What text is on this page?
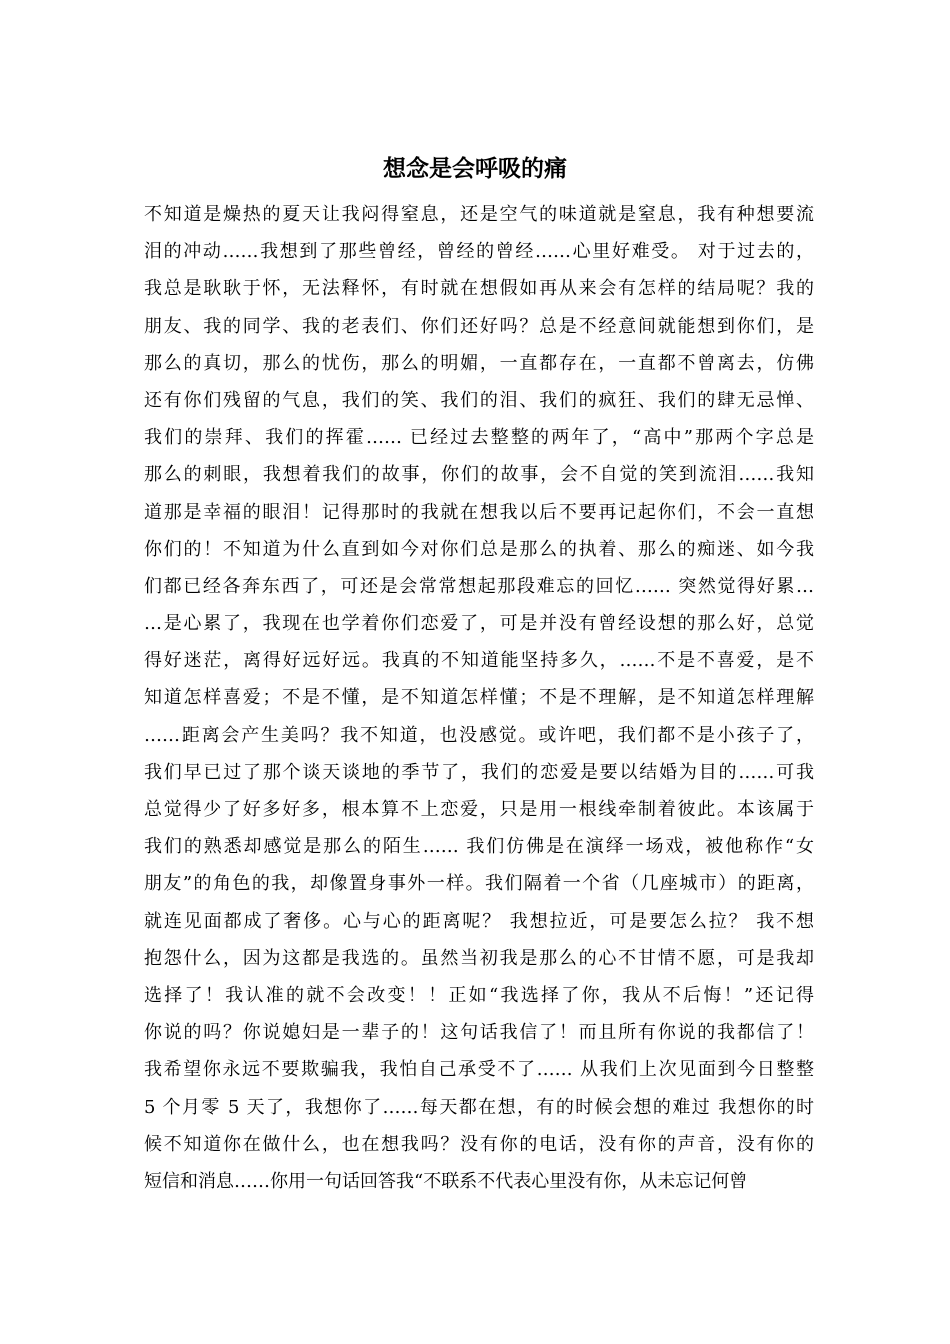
想念是会呼吸的痛
不知道是燥热的夏天让我闷得窒息，还是空气的味道就是窒息，我有种想要流
泪的冲动……我想到了那些曾经，曾经的曾经……心里好难受。 对于过去的，
我总是耿耿于怀，无法释怀，有时就在想假如再从来会有怎样的结局呢？我的
朋友、我的同学、我的老表们、你们还好吗？总是不经意间就能想到你们，是
那么的真切，那么的忧伤，那么的明媚，一直都存在，一直都不曾离去，仿佛
还有你们残留的气息，我们的笑、我们的泪、我们的疯狂、我们的肆无忌惮、
我们的崇拜、我们的挥霍…… 已经过去整整的两年了，“高中”那两个字总是
那么的刺眼，我想着我们的故事，你们的故事，会不自觉的笑到流泪……我知
道那是幸福的眼泪！记得那时的我就在想我以后不要再记起你们，不会一直想
你们的！不知道为什么直到如今对你们总是那么的执着、那么的痴迷、如今我
们都已经各奔东西了，可还是会常常想起那段难忘的回忆…… 突然觉得好累…
…是心累了，我现在也学着你们恋爱了，可是并没有曾经设想的那么好，总觉
得好迷茫，离得好远好远。我真的不知道能坚持多久，……不是不喜爱，是不
知道怎样喜爱；不是不懂，是不知道怎样懂；不是不理解，是不知道怎样理解
……距离会产生美吗？我不知道，也没感觉。或许吧，我们都不是小孩子了，
我们早已过了那个谈天谈地的季节了，我们的恋爱是要以结婚为目的……可我
总觉得少了好多好多，根本算不上恋爱，只是用一根线牵制着彼此。本该属于
我们的熟悉却感觉是那么的陌生…… 我们仿佛是在演绎一场戏，被他称作“女
朋友”的角色的我，却像置身事外一样。我们隔着一个省（几座城市）的距离，
就连见面都成了奢侈。心与心的距离呢？ 我想拉近，可是要怎么拉？ 我不想
抱怨什么，因为这都是我选的。虽然当初我是那么的心不甘情不愿，可是我却
选择了！我认准的就不会改变！！正如“我选择了你，我从不后悔！”还记得
你说的吗？你说媳妇是一辈子的！这句话我信了！而且所有你说的我都信了！
我希望你永远不要欺骗我，我怕自己承受不了…… 从我们上次见面到今日整整
5 个月零 5 天了，我想你了……每天都在想，有的时候会想的难过 我想你的时
候不知道你在做什么，也在想我吗？没有你的电话，没有你的声音，没有你的
短信和消息……你用一句话回答我“不联系不代表心里没有你，从未忘记何曾
